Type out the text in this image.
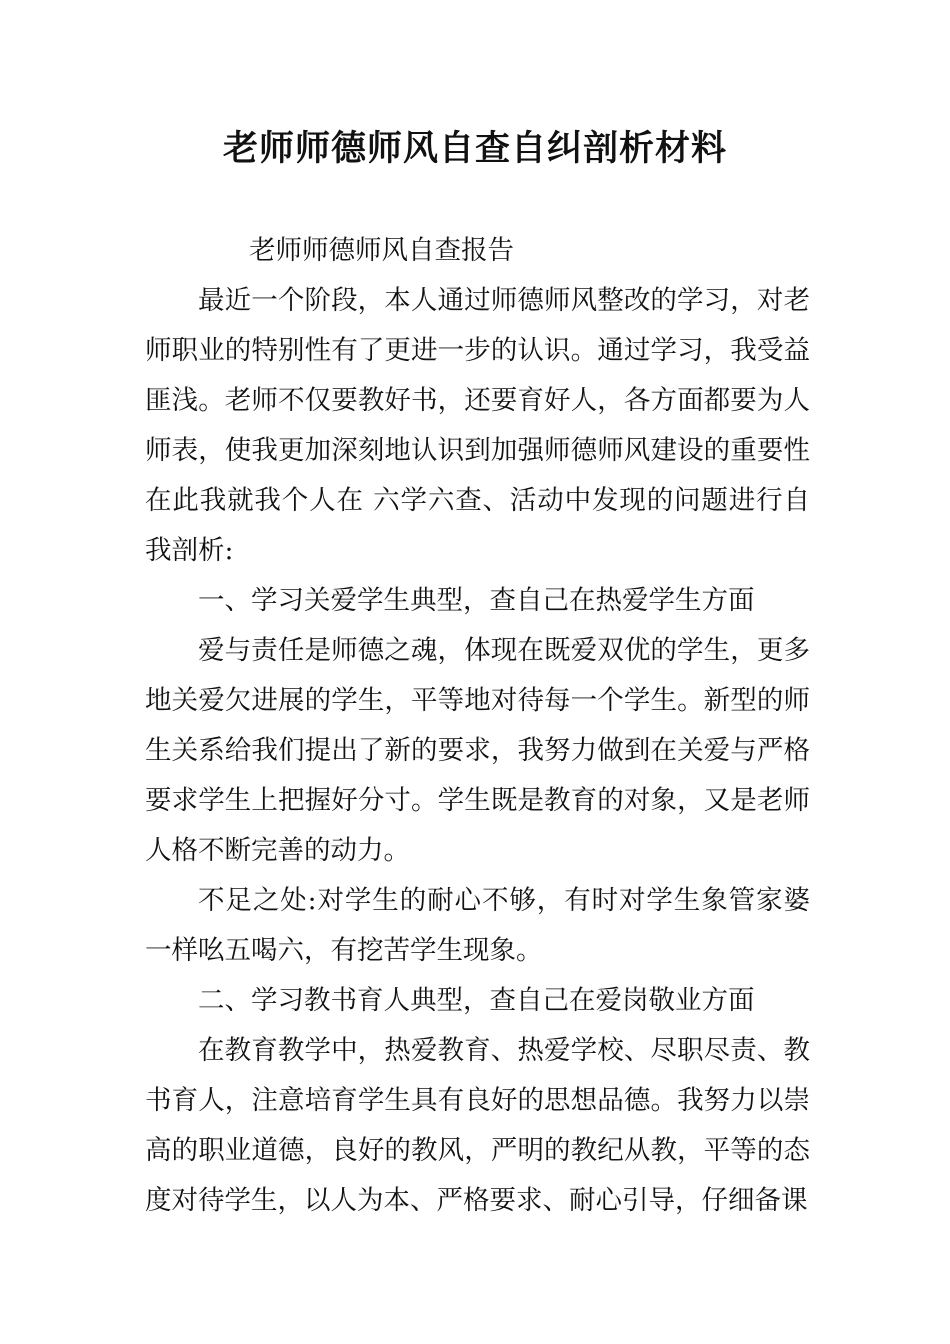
老师师德师风自查自纠剖析材料

老师师德师风自查报告

最近一个阶段，本人通过师德师风整改的学习，对老师职业的特别性有了更进一步的认识。通过学习，我受益匪浅。老师不仅要教好书，还要育好人，各方面都要为人师表，使我更加深刻地认识到加强师德师风建设的重要性在此我就我个人在 六学六查、活动中发现的问题进行自我剖析:

一、学习关爱学生典型，查自己在热爱学生方面

爱与责任是师德之魂，体现在既爱双优的学生，更多地关爱欠进展的学生，平等地对待每一个学生。新型的师生关系给我们提出了新的要求，我努力做到在关爱与严格要求学生上把握好分寸。学生既是教育的对象，又是老师人格不断完善的动力。

不足之处:对学生的耐心不够，有时对学生象管家婆一样吆五喝六，有挖苦学生现象。

二、学习教书育人典型，查自己在爱岗敬业方面

在教育教学中，热爱教育、热爱学校、尽职尽责、教书育人，注意培育学生具有良好的思想品德。我努力以崇高的职业道德，良好的教风，严明的教纪从教，平等的态度对待学生，以人为本、严格要求、耐心引导，仔细备课
